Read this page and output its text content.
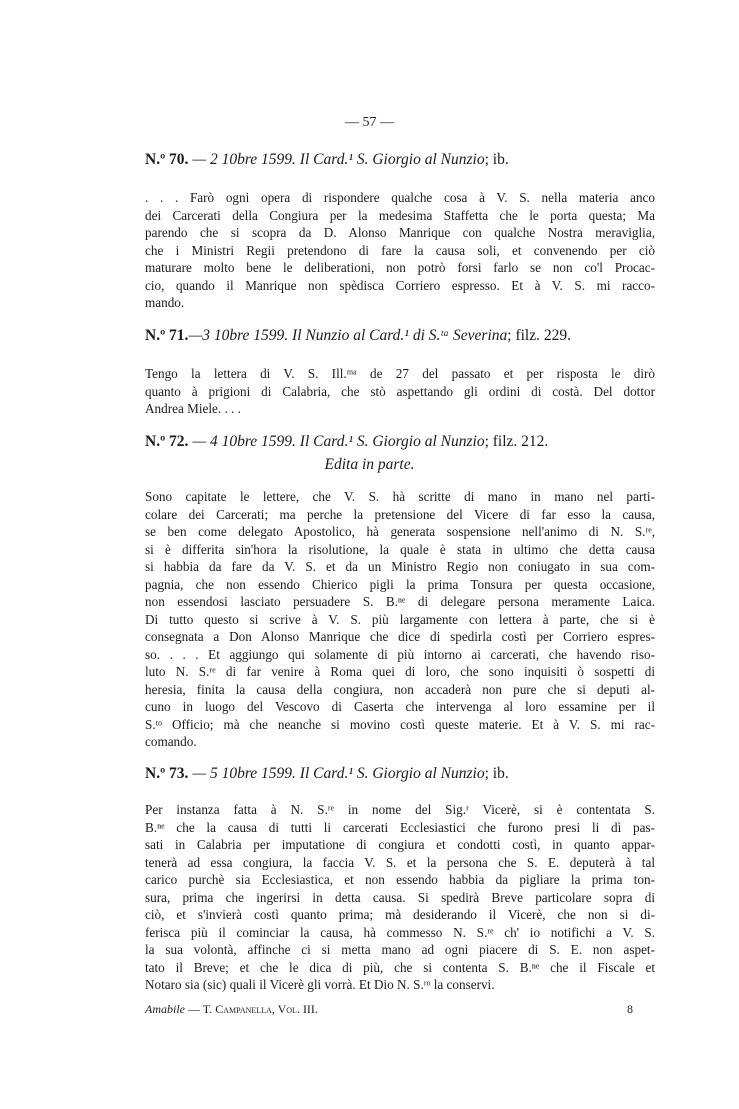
— 57 —
N.º 70. — 2 10bre 1599. Il Card.¹ S. Giorgio al Nunzio; ib.
. . . Farò ogni opera di rispondere qualche cosa à V. S. nella materia anco
dei Carcerati della Congiura per la medesima Staffetta che le porta questa; Ma
parendo che si scopra da D. Alonso Manrique con qualche Nostra meraviglia,
che i Ministri Regii pretendono di fare la causa soli, et convenendo per ciò
maturare molto bene le deliberationi, non potrò forsi farlo se non co'l Procac-
cio, quando il Manrique non spèdisca Corriero espresso. Et à V. S. mi racco-
mando.
N.º 71.—3 10bre 1599. Il Nunzio al Card.¹ di S.ᵗᵃ Severina; filz. 229.
Tengo la lettera di V. S. Ill.ᵐᵃ de 27 del passato et per risposta le dirò
quanto à prigioni di Calabria, che stò aspettando gli ordini di costà. Del dottor
Andrea Miele. . . .
N.º 72. — 4 10bre 1599. Il Card.¹ S. Giorgio al Nunzio; filz. 212.
Edita in parte.
Sono capitate le lettere, che V. S. hà scritte di mano in mano nel parti-
colare dei Carcerati; ma perche la pretensione del Vicere di far esso la causa,
se ben come delegato Apostolico, hà generata sospensione nell'animo di N. S.ʳᵉ,
si è differita sin'hora la risolutione, la quale è stata in ultimo che detta causa
si habbia da fare da V. S. et da un Ministro Regio non coniugato in sua com-
pagnia, che non essendo Chierico pigli la prima Tonsura per questa occasione,
non essendosi lasciato persuadere S. B.ⁿᵉ di delegare persona meramente Laica.
Di tutto questo si scrive à V. S. più largamente con lettera à parte, che si è
consegnata a Don Alonso Manrique che dice di spedirla costì per Corriero espres-
so. . . . Et aggiungo qui solamente di più intorno ai carcerati, che havendo riso-
luto N. S.ʳᵉ di far venire à Roma quei di loro, che sono inquisiti ò sospetti di
heresia, finita la causa della congiura, non accaderà non pure che si deputi al-
cuno in luogo del Vescovo di Caserta che intervenga al loro essamine per il
S.ᵗᵒ Officio; mà che neanche si movino costì queste materie. Et à V. S. mi rac-
comando.
N.º 73. — 5 10bre 1599. Il Card.¹ S. Giorgio al Nunzio; ib.
Per instanza fatta à N. S.ʳᵉ in nome del Sig.ʳ Vicerè, si è contentata S.
B.ⁿᵉ che la causa di tutti li carcerati Ecclesiastici che furono presi li dì pas-
sati in Calabria per imputatione di congiura et condotti costì, in quanto appar-
tenerà ad essa congiura, la faccia V. S. et la persona che S. E. deputerà à tal
carico purchè sia Ecclesiastica, et non essendo habbia da pigliare la prima ton-
sura, prima che ingerirsi in detta causa. Si spedirà Breve particolare sopra di
ciò, et s'invierà costì quanto prima; mà desiderando il Vicerè, che non si di-
ferisca più il cominciar la causa, hà commesso N. S.ʳᵉ ch' io notifichi a V. S.
la sua volontà, affinche ci si metta mano ad ogni piacere di S. E. non aspet-
tato il Breve; et che le dica di più, che si contenta S. B.ⁿᵉ che il Fiscale et
Notaro sia (sic) quali il Vicerè gli vorrà. Et Dio N. S.ʳᵒ la conservi.
Amabile — T. Campanella, Vol. III.	8
